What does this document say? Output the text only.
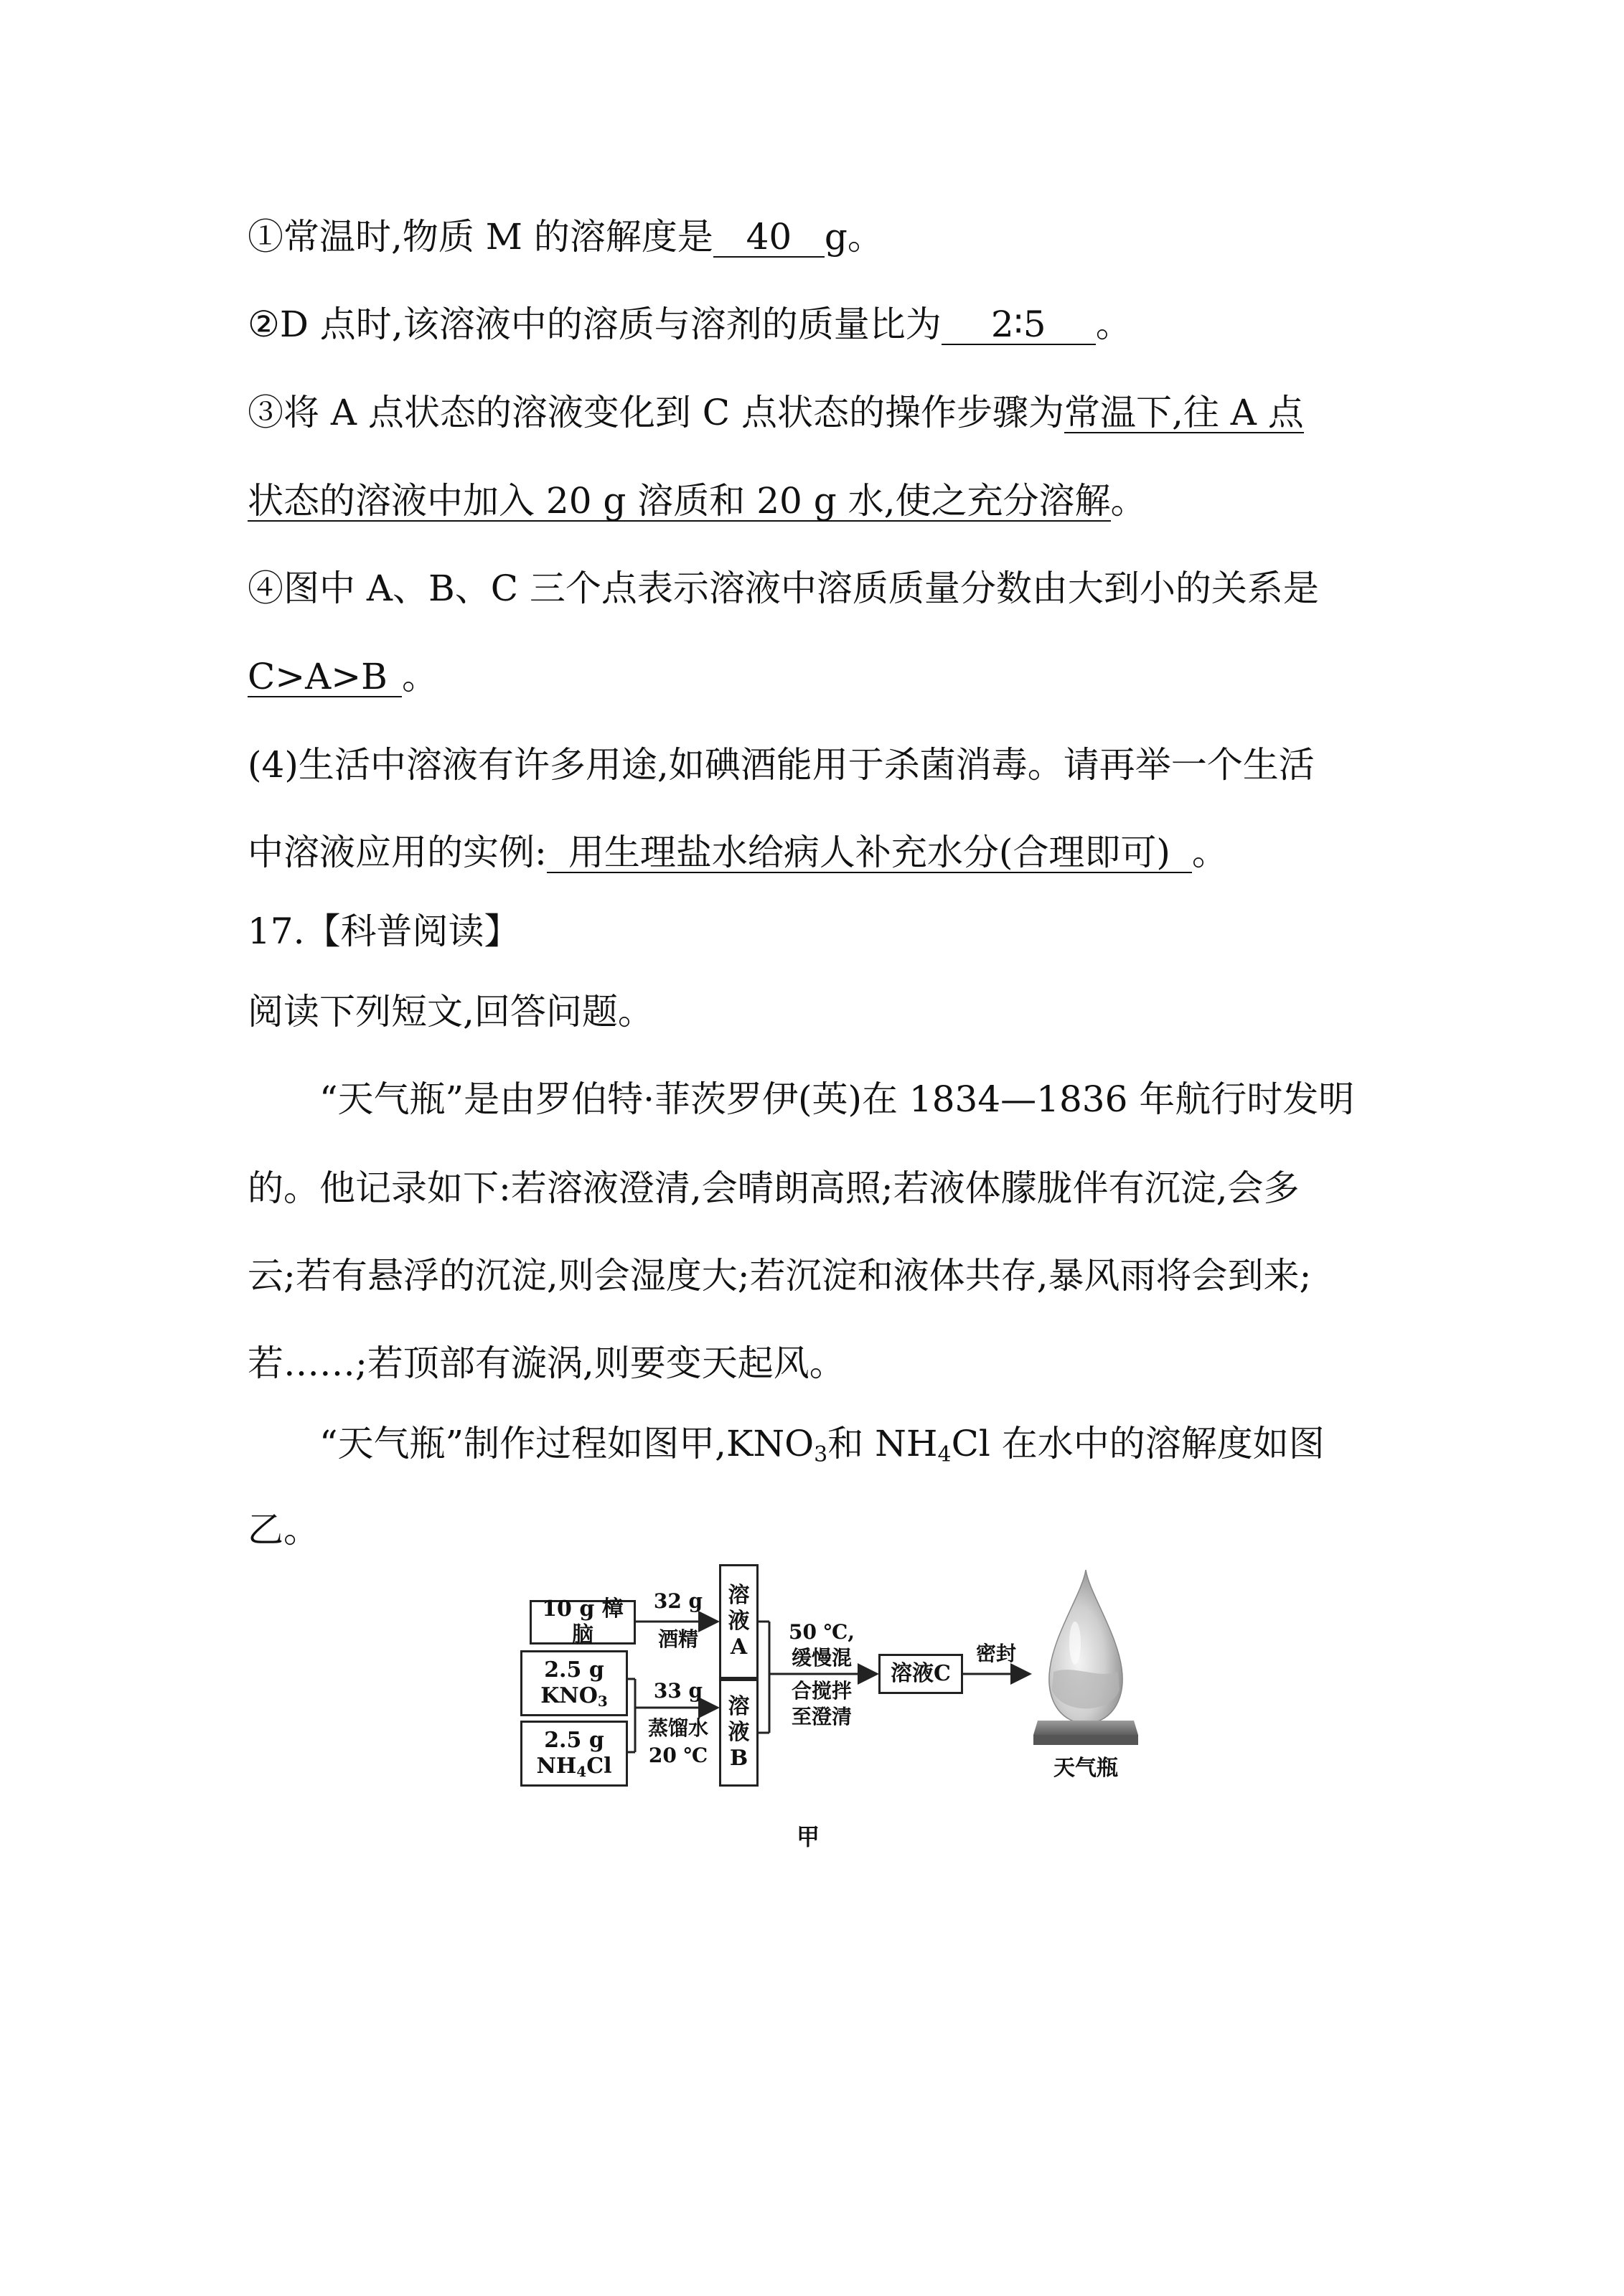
①常温时,物质 M 的溶解度是 40 g。
②D 点时,该溶液中的溶质与溶剂的质量比为 2∶5 。
③将 A 点状态的溶液变化到 C 点状态的操作步骤为常温下,往 A 点
状态的溶液中加入 20 g 溶质和 20 g 水,使之充分溶解。
④图中 A、B、C 三个点表示溶液中溶质质量分数由大到小的关系是
C>A>B 。
(4)生活中溶液有许多用途,如碘酒能用于杀菌消毒。请再举一个生活
中溶液应用的实例: 用生理盐水给病人补充水分(合理即可) 。
17.【科普阅读】
阅读下列短文,回答问题。
“天气瓶”是由罗伯特·菲茨罗伊(英)在 1834—1836 年航行时发明
的。他记录如下:若溶液澄清,会晴朗高照;若液体朦胧伴有沉淀,会多
云;若有悬浮的沉淀,则会湿度大;若沉淀和液体共存,暴风雨将会到来;
若……;若顶部有漩涡,则要变天起风。
“天气瓶”制作过程如图甲$,KNO_3$和 $NH_4Cl$ 在水中的溶解度如图
乙。
10 g 樟脑
32 g
酒精
溶
液
A
2.5 g
$KNO_3$
2.5 g
$NH_4Cl$
33 g
蒸馏水
20 ℃
溶
液
B
50 ℃,
缓慢混
合搅拌
至澄清
溶液C
密封
天气瓶
甲
